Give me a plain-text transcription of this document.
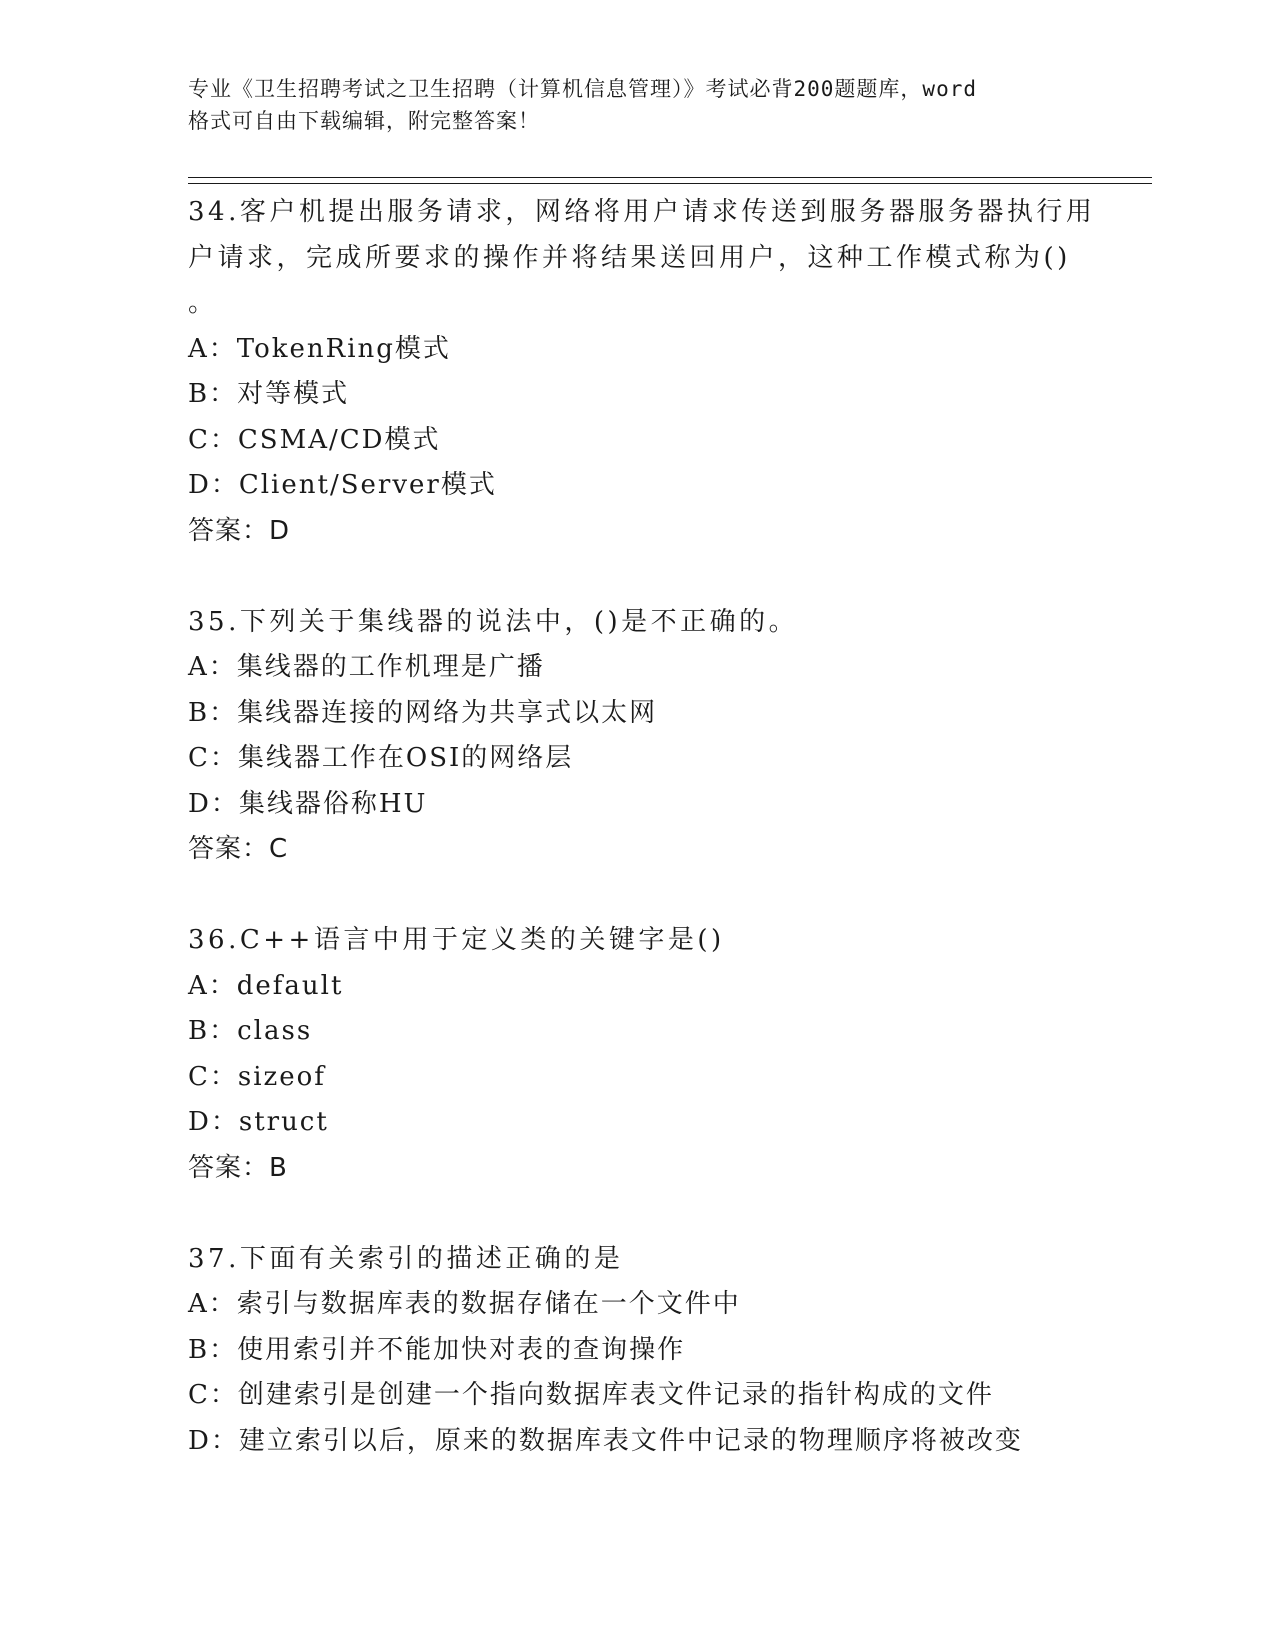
专业《卫生招聘考试之卫生招聘（计算机信息管理）》考试必背200题题库，word
格式可自由下载编辑，附完整答案！
34.客户机提出服务请求，网络将用户请求传送到服务器服务器执行用
户请求，完成所要求的操作并将结果送回用户，这种工作模式称为()
。
A：TokenRing模式
B：对等模式
C：CSMA/CD模式
D：Client/Server模式
答案：D
35.下列关于集线器的说法中，()是不正确的。
A：集线器的工作机理是广播
B：集线器连接的网络为共享式以太网
C：集线器工作在OSI的网络层
D：集线器俗称HU
答案：C
36.C++语言中用于定义类的关键字是()
A：default
B：class
C：sizeof
D：struct
答案：B
37.下面有关索引的描述正确的是
A：索引与数据库表的数据存储在一个文件中
B：使用索引并不能加快对表的查询操作
C：创建索引是创建一个指向数据库表文件记录的指针构成的文件
D：建立索引以后，原来的数据库表文件中记录的物理顺序将被改变
